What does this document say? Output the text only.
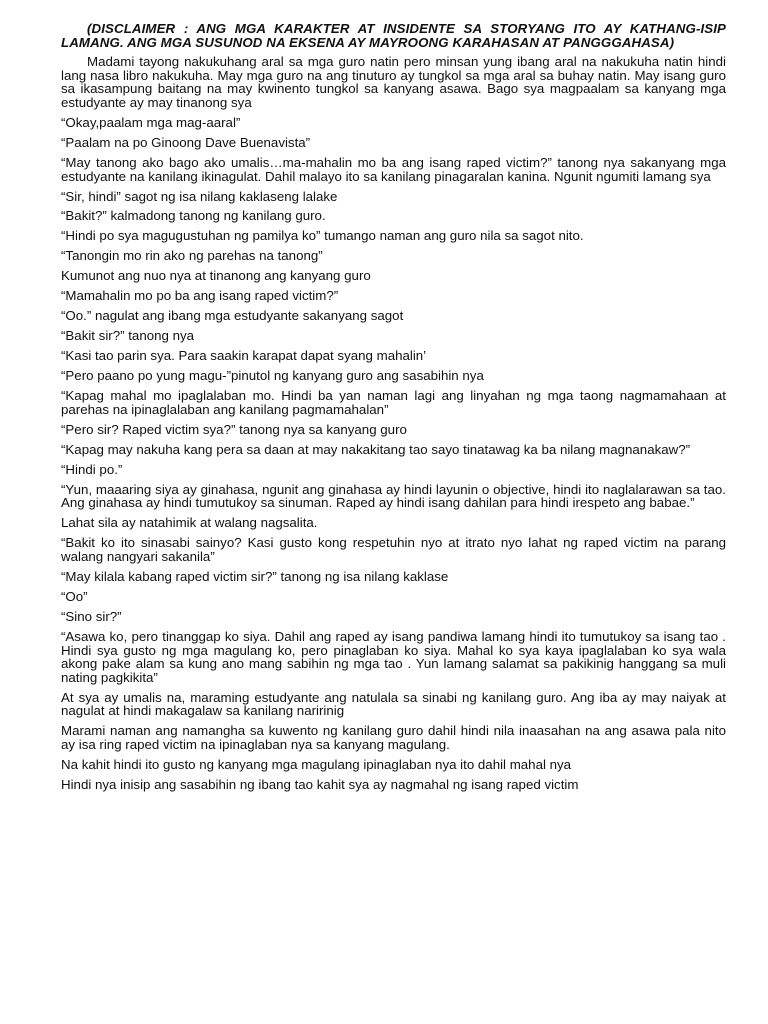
(DISCLAIMER : ANG MGA KARAKTER AT INSIDENTE SA STORYANG ITO AY KATHANG-ISIP LAMANG. ANG MGA SUSUNOD NA EKSENA AY MAYROONG KARAHASAN AT PANGGGAHASA)

Madami tayong nakukuhang aral sa mga guro natin pero minsan yung ibang aral na nakukuha natin hindi lang nasa libro nakukuha. May mga guro na ang tinuturo ay tungkol sa mga aral sa buhay natin. May isang guro sa ikasampung baitang na may kwinento tungkol sa kanyang asawa. Bago sya magpaalam sa kanyang mga estudyante ay may tinanong sya

“Okay,paalam mga mag-aaral”

“Paalam na po Ginoong Dave Buenavista”

“May tanong ako bago ako umalis…ma-mahalin mo ba ang isang raped victim?” tanong nya sakanyang mga estudyante na kanilang ikinagulat. Dahil malayo ito sa kanilang pinagaralan kanina. Ngunit ngumiti lamang sya

“Sir, hindi” sagot ng isa nilang kaklaseng lalake

“Bakit?” kalmadong tanong ng kanilang guro.

“Hindi po sya magugustuhan ng pamilya ko” tumango naman ang guro nila sa sagot nito.

“Tanongin mo rin ako ng parehas na tanong”

Kumunot ang nuo nya at tinanong ang kanyang guro

“Mamahalin mo po ba ang isang raped victim?”

“Oo.” nagulat ang ibang mga estudyante sakanyang sagot

“Bakit sir?” tanong nya

“Kasi tao parin sya. Para saakin karapat dapat syang mahalin’

“Pero paano po yung magu-”pinutol ng kanyang guro ang sasabihin nya

“Kapag mahal mo ipaglalaban mo. Hindi ba yan naman lagi ang linyahan ng mga taong nagmamahaan at parehas na ipinaglalaban ang kanilang pagmamahalan”

“Pero sir? Raped victim sya?” tanong nya sa kanyang guro

“Kapag may nakuha kang pera sa daan at may nakakitang tao sayo tinatawag ka ba nilang magnanakaw?”

“Hindi po.”

“Yun, maaaring siya ay ginahasa, ngunit ang ginahasa ay hindi layunin o objective, hindi ito naglalarawan sa tao. Ang ginahasa ay hindi tumutukoy sa sinuman. Raped ay hindi isang dahilan para hindi irespeto ang babae.”

Lahat sila ay natahimik at walang nagsalita.

“Bakit ko ito sinasabi sainyo? Kasi gusto kong respetuhin nyo at itrato nyo lahat ng raped victim na parang walang nangyari sakanila”

“May kilala kabang raped victim sir?” tanong ng isa nilang kaklase

“Oo”

“Sino sir?”

“Asawa ko, pero tinanggap ko siya. Dahil ang raped ay isang pandiwa lamang hindi ito tumutukoy sa isang tao . Hindi sya gusto ng mga magulang ko, pero pinaglaban ko siya. Mahal ko sya kaya ipaglalaban ko sya wala akong pake alam sa kung ano mang sabihin ng mga tao . Yun lamang salamat sa pakikinig hanggang sa muli nating pagkikita”

At sya ay umalis na, maraming estudyante ang natulala sa sinabi ng kanilang guro. Ang iba ay may naiyak at nagulat at hindi makagalaw sa kanilang naririnig

Marami naman ang namangha sa kuwento ng kanilang guro dahil hindi nila inaasahan na ang asawa pala nito ay isa ring raped victim na ipinaglaban nya sa kanyang magulang.

Na kahit hindi ito gusto ng kanyang mga magulang ipinaglaban nya ito dahil mahal nya

Hindi nya inisip ang sasabihin ng ibang tao kahit sya ay nagmahal ng isang raped victim
